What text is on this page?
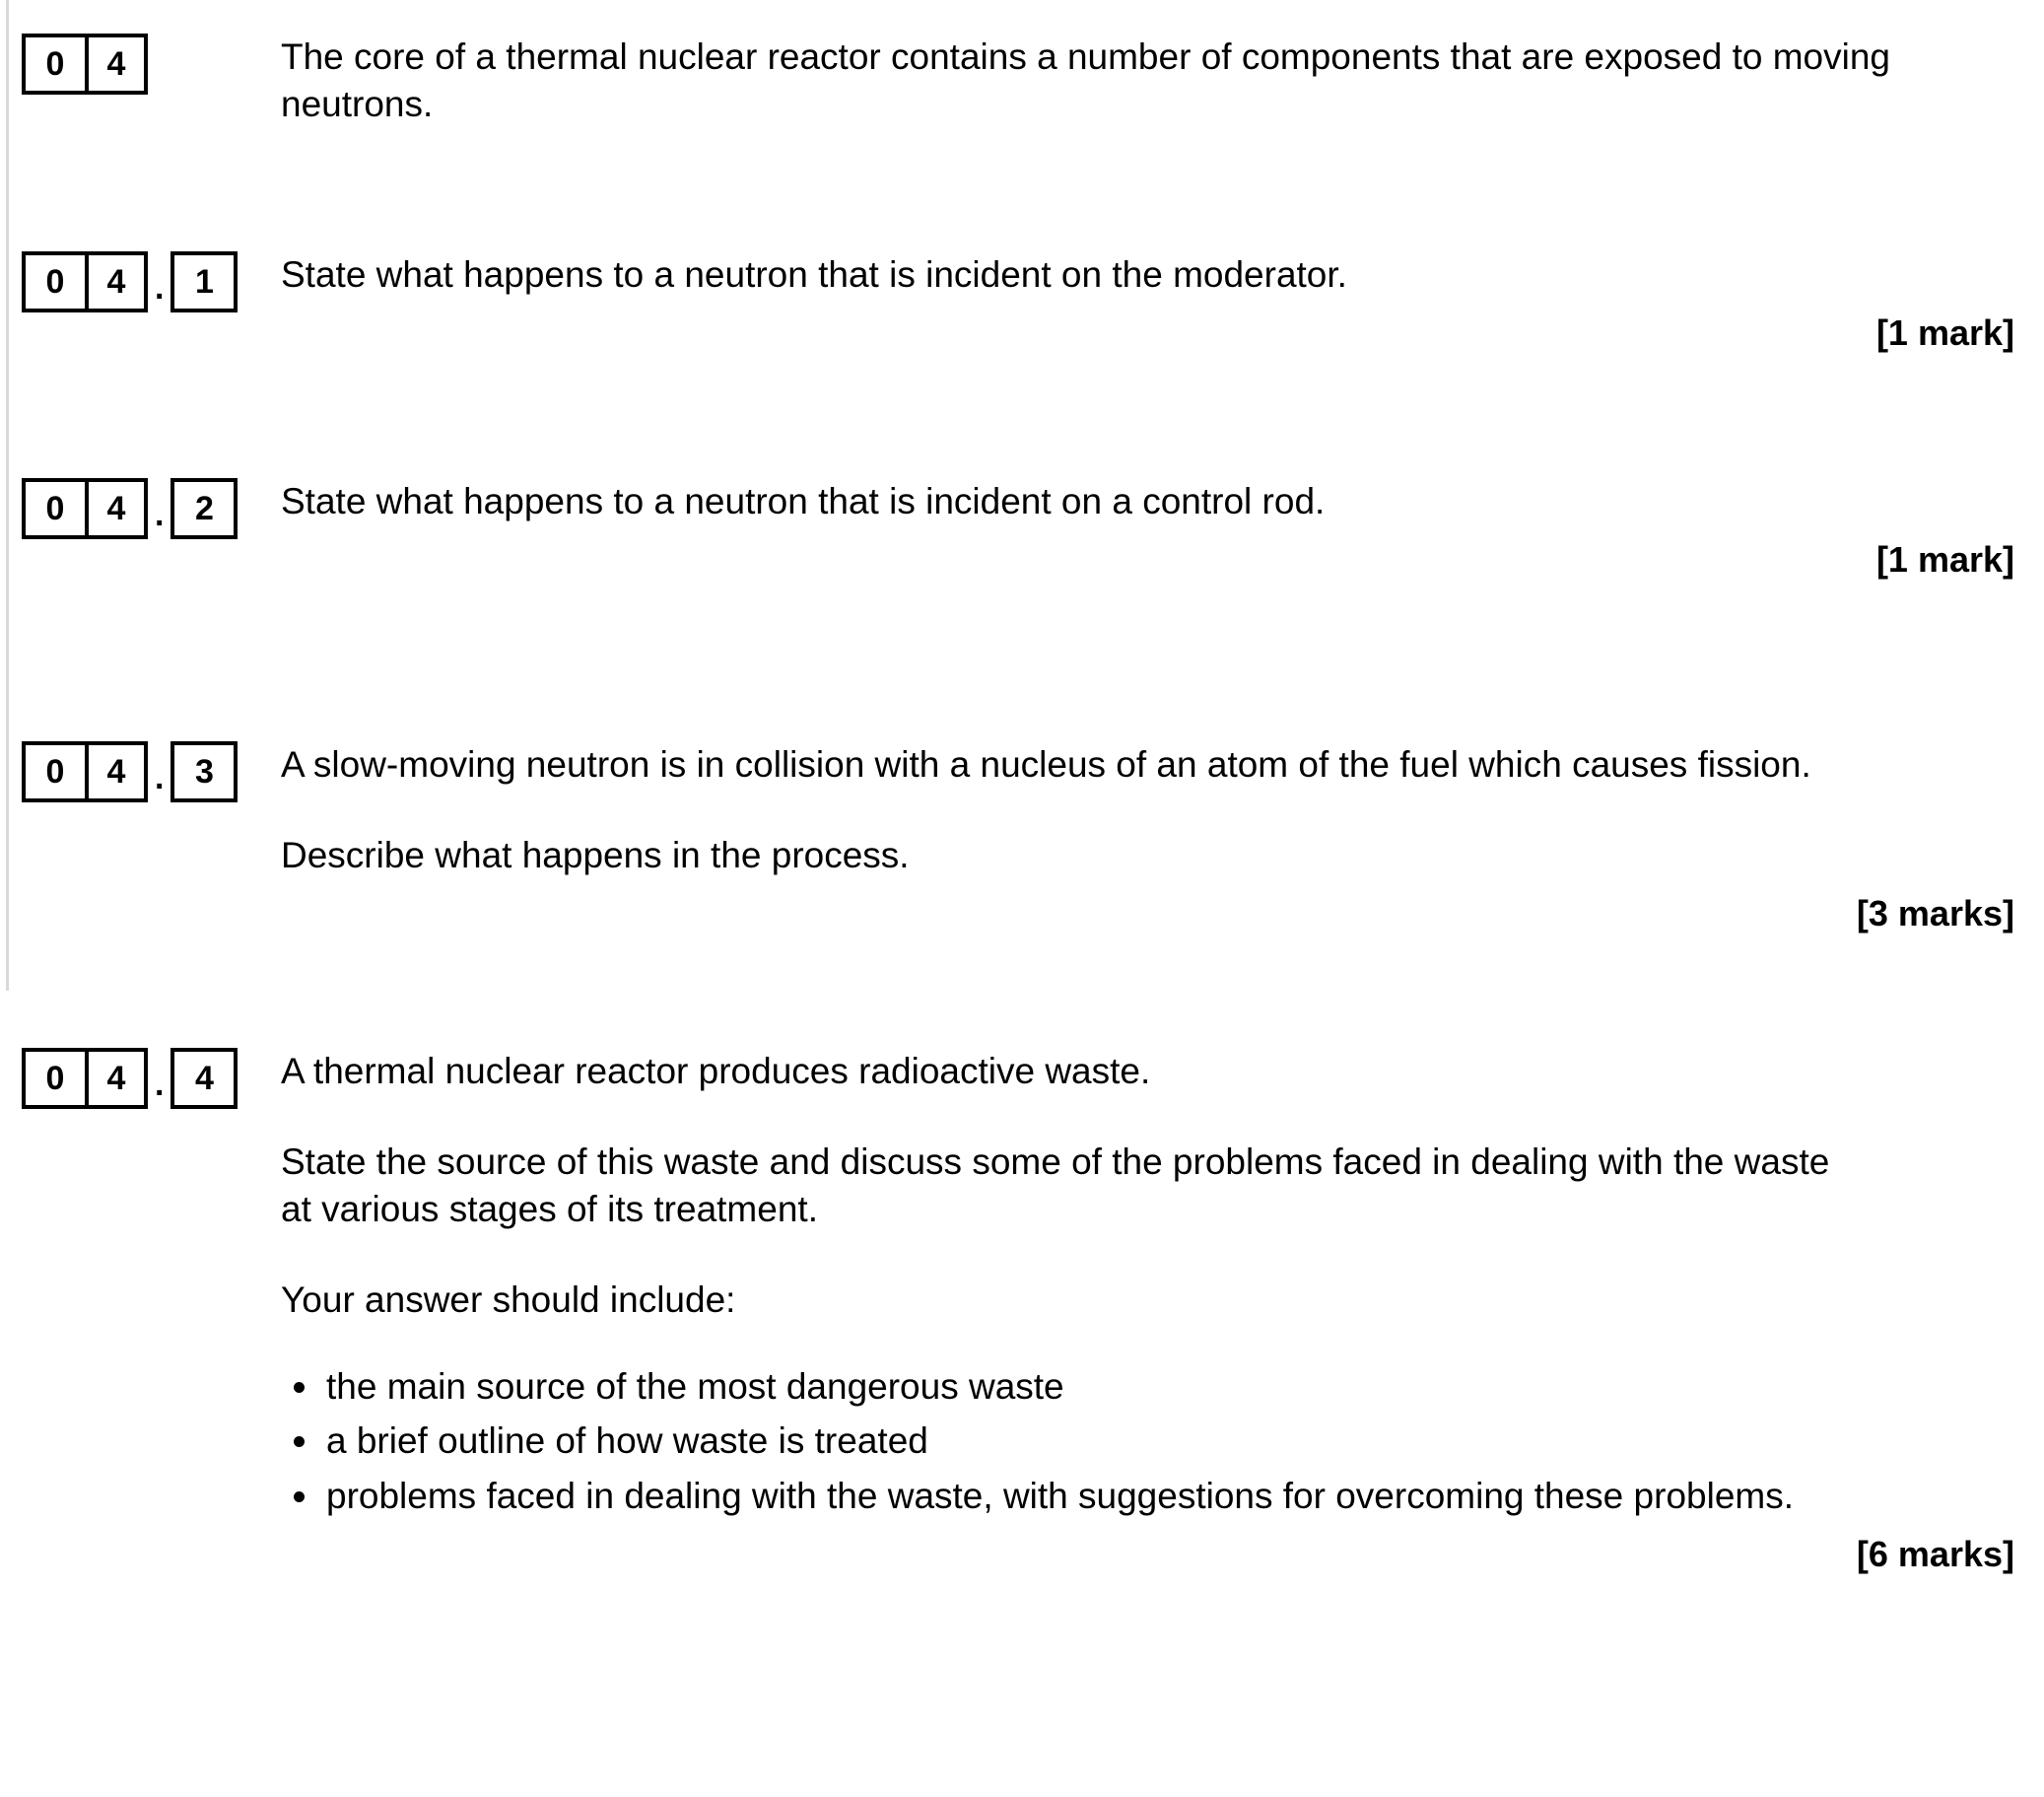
0	4	The core of a thermal nuclear reactor contains a number of components that are exposed to moving neutrons.
0	4 . 1	State what happens to a neutron that is incident on the moderator.
[1 mark]
0	4 . 2	State what happens to a neutron that is incident on a control rod.
[1 mark]
0	4 . 3	A slow-moving neutron is in collision with a nucleus of an atom of the fuel which causes fission.
Describe what happens in the process.
[3 marks]
0	4 . 4	A thermal nuclear reactor produces radioactive waste.
State the source of this waste and discuss some of the problems faced in dealing with the waste at various stages of its treatment.
Your answer should include:
the main source of the most dangerous waste
a brief outline of how waste is treated
problems faced in dealing with the waste, with suggestions for overcoming these problems.
[6 marks]
